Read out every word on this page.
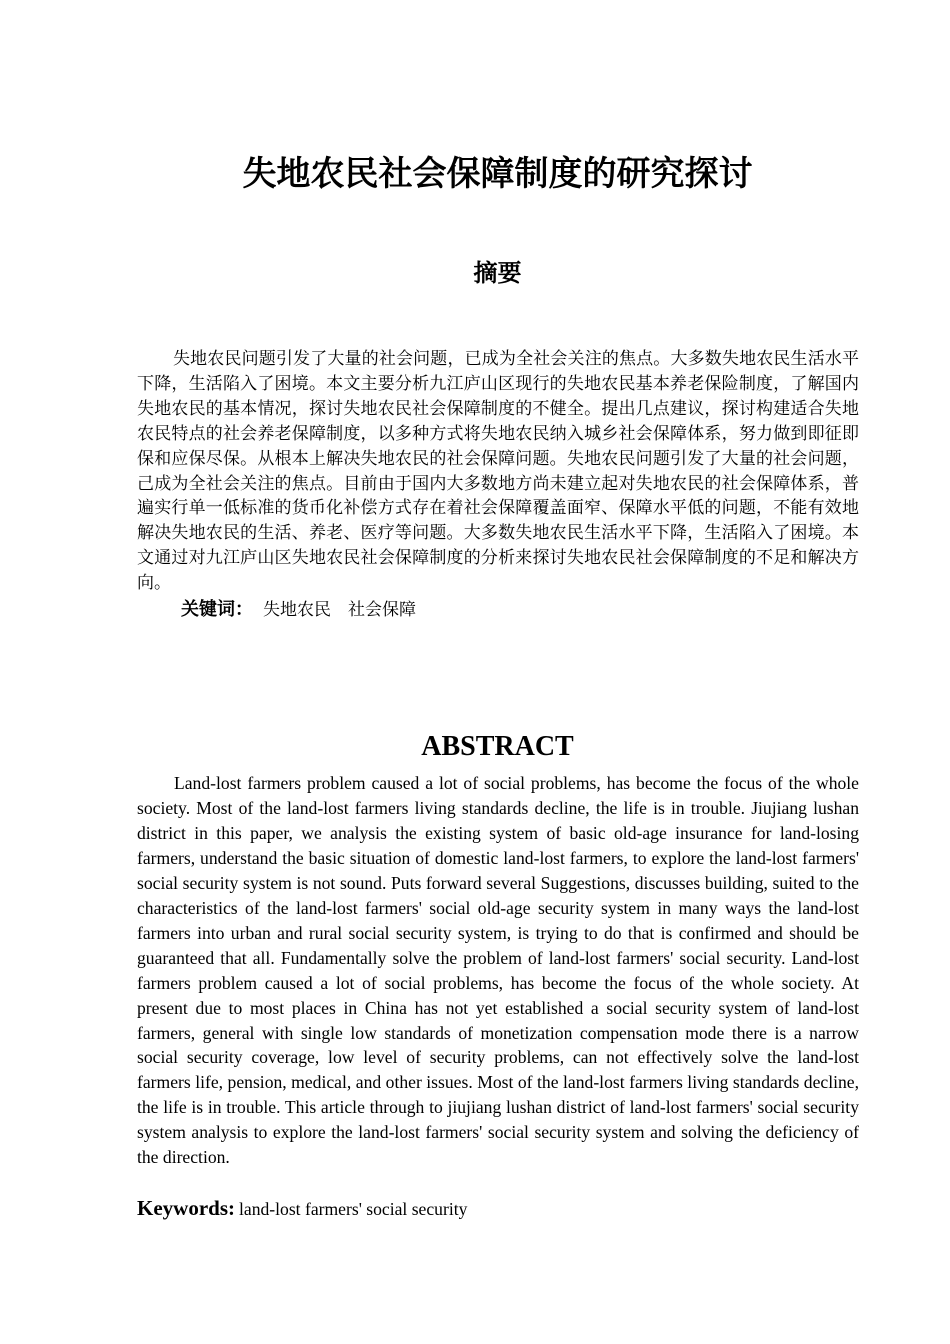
失地农民社会保障制度的研究探讨
摘要

失地农民问题引发了大量的社会问题，已成为全社会关注的焦点。大多数失地农民生活水平下降，生活陷入了困境。本文主要分析九江庐山区现行的失地农民基本养老保险制度，了解国内失地农民的基本情况，探讨失地农民社会保障制度的不健全。提出几点建议，探讨构建适合失地农民特点的社会养老保障制度，以多种方式将失地农民纳入城乡社会保障体系，努力做到即征即保和应保尽保。从根本上解决失地农民的社会保障问题。失地农民问题引发了大量的社会问题，己成为全社会关注的焦点。目前由于国内大多数地方尚未建立起对失地农民的社会保障体系，普遍实行单一低标准的货币化补偿方式存在着社会保障覆盖面窄、保障水平低的问题，不能有效地解决失地农民的生活、养老、医疗等问题。大多数失地农民生活水平下降，生活陷入了困境。本文通过对九江庐山区失地农民社会保障制度的分析来探讨失地农民社会保障制度的不足和解决方向。

关键词： 失地农民　社会保障
ABSTRACT

Land-lost farmers problem caused a lot of social problems, has become the focus of the whole society. Most of the land-lost farmers living standards decline, the life is in trouble. Jiujiang lushan district in this paper, we analysis the existing system of basic old-age insurance for land-losing farmers, understand the basic situation of domestic land-lost farmers, to explore the land-lost farmers' social security system is not sound. Puts forward several Suggestions, discusses building, suited to the characteristics of the land-lost farmers' social old-age security system in many ways the land-lost farmers into urban and rural social security system, is trying to do that is confirmed and should be guaranteed that all. Fundamentally solve the problem of land-lost farmers' social security. Land-lost farmers problem caused a lot of social problems, has become the focus of the whole society. At present due to most places in China has not yet established a social security system of land-lost farmers, general with single low standards of monetization compensation mode there is a narrow social security coverage, low level of security problems, can not effectively solve the land-lost farmers life, pension, medical, and other issues. Most of the land-lost farmers living standards decline, the life is in trouble. This article through to jiujiang lushan district of land-lost farmers' social security system analysis to explore the land-lost farmers' social security system and solving the deficiency of the direction.

Keywords: land-lost farmers' social security
